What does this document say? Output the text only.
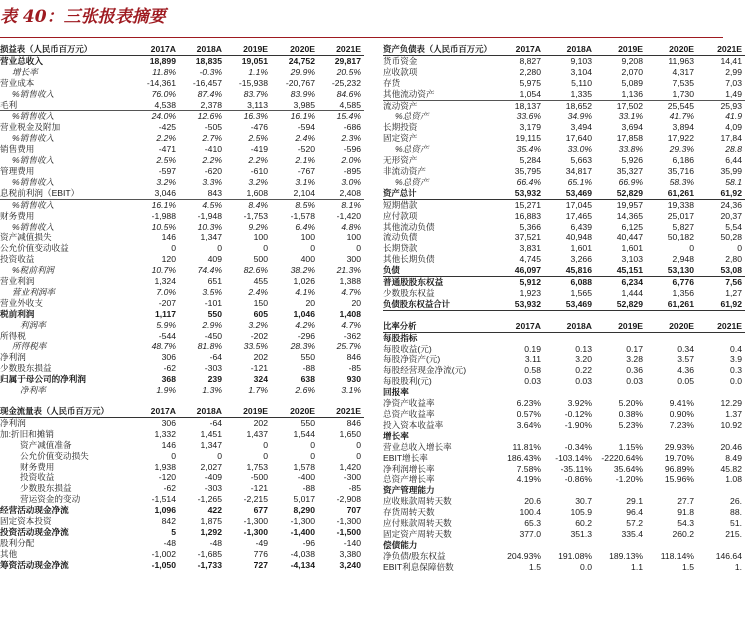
表 40：三张报表摘要
损益表（人民币百万元）	2017A	2018A	2019E	2020E	2021E
营业总收入	18,899	18,835	19,051	24,752	29,817
增长率	11.8%	-0.3%	1.1%	29.9%	20.5%
营业成本	-14,361	-16,457	-15,938	-20,767	-25,232
%销售收入	76.0%	87.4%	83.7%	83.9%	84.6%
毛利	4,538	2,378	3,113	3,985	4,585
%销售收入	24.0%	12.6%	16.3%	16.1%	15.4%
营业税金及附加	-425	-505	-476	-594	-686
%销售收入	2.2%	2.7%	2.5%	2.4%	2.3%
销售费用	-471	-410	-419	-520	-596
%销售收入	2.5%	2.2%	2.2%	2.1%	2.0%
管理费用	-597	-620	-610	-767	-895
%销售收入	3.2%	3.3%	3.2%	3.1%	3.0%
息税前利润（EBIT）	3,046	843	1,608	2,104	2,408
%销售收入	16.1%	4.5%	8.4%	8.5%	8.1%
财务费用	-1,988	-1,948	-1,753	-1,578	-1,420
%销售收入	10.5%	10.3%	9.2%	6.4%	4.8%
资产减值损失	146	1,347	100	100	100
公允价值变动收益	0	0	0	0	0
投资收益	120	409	500	400	300
%税前利润	10.7%	74.4%	82.6%	38.2%	21.3%
营业利润	1,324	651	455	1,026	1,388
营业利润率	7.0%	3.5%	2.4%	4.1%	4.7%
营业外收支	-207	-101	150	20	20
税前利润	1,117	550	605	1,046	1,408
利润率	5.9%	2.9%	3.2%	4.2%	4.7%
所得税	-544	-450	-202	-296	-362
所得税率	48.7%	81.8%	33.5%	28.3%	25.7%
净利润	306	-64	202	550	846
少数股东损益	-62	-303	-121	-88	-85
归属于母公司的净利润	368	239	324	638	930
净利率	1.9%	1.3%	1.7%	2.6%	3.1%
现金流量表（人民币百万元）	2017A	2018A	2019E	2020E	2021E
净利润	306	-64	202	550	846
加:折旧和摊销	1,332	1,451	1,437	1,544	1,650
资产减值准备	146	1,347	0	0	0
公允价值变动损失	0	0	0	0	0
财务费用	1,938	2,027	1,753	1,578	1,420
投资收益	-120	-409	-500	-400	-300
少数股东损益	-62	-303	-121	-88	-85
营运资金的变动	-1,514	-1,265	-2,215	5,017	-2,908
经营活动现金净流	1,096	422	677	8,290	707
固定资本投资	842	1,875	-1,300	-1,300	-1,300
投资活动现金净流	5	1,292	-1,300	-1,400	-1,500
股利分配	-48	-48	-49	-96	-140
其他	-1,002	-1,685	776	-4,038	3,380
筹资活动现金净流	-1,050	-1,733	727	-4,134	3,240
资产负债表（人民币百万元）	2017A	2018A	2019E	2020E	2021E
货币资金	8,827	9,103	9,208	11,963	14,41
应收款项	2,280	3,104	2,070	4,317	2,99
存货	5,975	5,110	5,089	7,535	7,03
其他流动资产	1,054	1,335	1,136	1,730	1,49
流动资产	18,137	18,652	17,502	25,545	25,93
%总资产	33.6%	34.9%	33.1%	41.7%	41.9
长期投资	3,179	3,494	3,694	3,894	4,09
固定资产	19,115	17,640	17,858	17,922	17,84
%总资产	35.4%	33.0%	33.8%	29.3%	28.8
无形资产	5,284	5,663	5,926	6,186	6,44
非流动资产	35,795	34,817	35,327	35,716	35,99
%总资产	66.4%	65.1%	66.9%	58.3%	58.1
资产总计	53,932	53,469	52,829	61,261	61,92
短期借款	15,271	17,045	19,957	19,338	24,36
应付款项	16,883	17,465	14,365	25,017	20,37
其他流动负债	5,366	6,439	6,125	5,827	5,54
流动负债	37,521	40,948	40,447	50,182	50,28
长期贷款	3,831	1,601	1,601	0	0
其他长期负债	4,745	3,266	3,103	2,948	2,80
负债	46,097	45,816	45,151	53,130	53,08
普通股股东权益	5,912	6,088	6,234	6,776	7,56
少数股东权益	1,923	1,565	1,444	1,356	1,27
负债股东权益合计	53,932	53,469	52,829	61,261	61,92
比率分析	2017A	2018A	2019E	2020E	2021E
每股指标					
每股收益(元)	0.19	0.13	0.17	0.34	0.4
每股净资产(元)	3.11	3.20	3.28	3.57	3.9
每股经营现金净流(元)	0.58	0.22	0.36	4.36	0.3
每股股利(元)	0.03	0.03	0.03	0.05	0.0
回报率					
净资产收益率	6.23%	3.92%	5.20%	9.41%	12.29
总资产收益率	0.57%	-0.12%	0.38%	0.90%	1.37
投入资本收益率	3.64%	-1.90%	5.23%	7.23%	10.92
增长率					
营业总收入增长率	11.81%	-0.34%	1.15%	29.93%	20.46
EBIT增长率	186.43%	-103.14%	-2220.64%	19.70%	8.49
净利润增长率	7.58%	-35.11%	35.64%	96.89%	45.82
总资产增长率	4.19%	-0.86%	-1.20%	15.96%	1.08
资产管理能力					
应收账款周转天数	20.6	30.7	29.1	27.7	26.
存货周转天数	100.4	105.9	96.4	91.8	88.
应付账款周转天数	65.3	60.2	57.2	54.3	51.
固定资产周转天数	377.0	351.3	335.4	260.2	215.
偿债能力					
净负债/股东权益	204.93%	191.08%	189.13%	118.14%	146.64
EBIT利息保障倍数	1.5	0.0	1.1	1.5	1.
